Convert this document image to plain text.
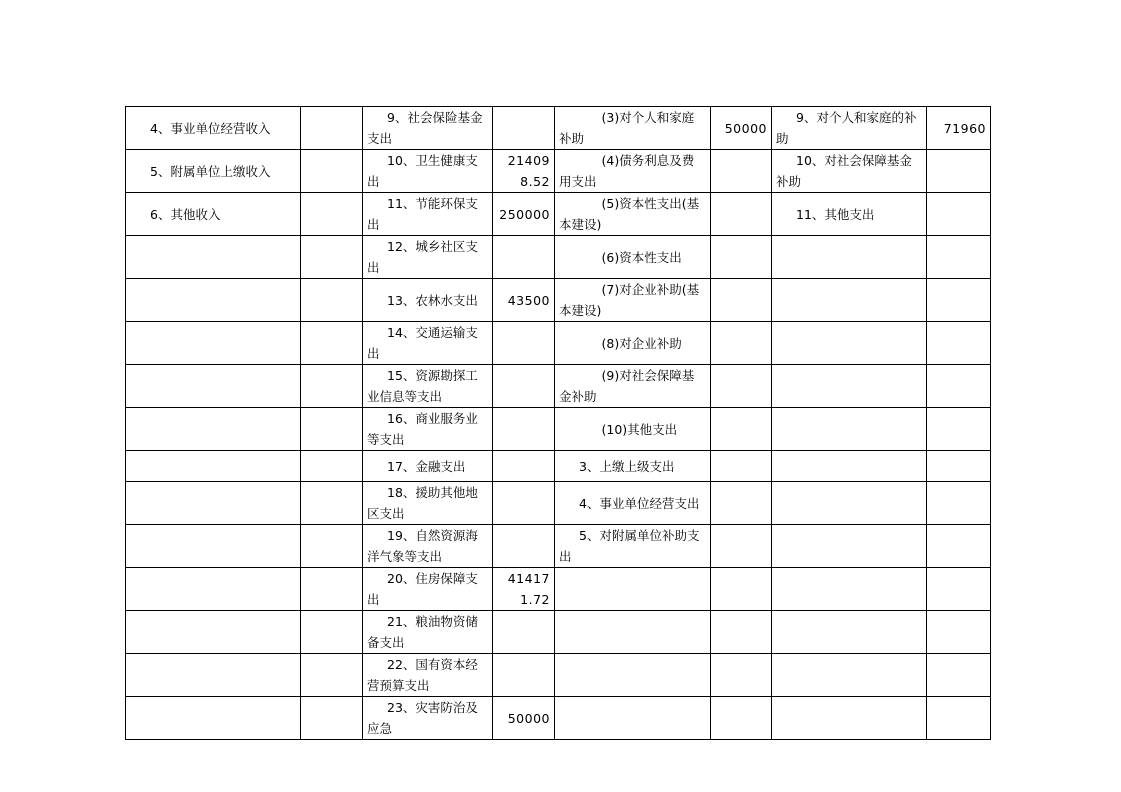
4、事业单位经营收入		9、社会保险基金支出		(3)对个人和家庭补助	50000	9、对个人和家庭的补助	71960
5、附属单位上缴收入		10、卫生健康支出	214098.52	(4)债务利息及费用支出		10、对社会保障基金补助	
6、其他收入		11、节能环保支出	250000	(5)资本性支出(基本建设)		11、其他支出	
		12、城乡社区支出		(6)资本性支出			
		13、农林水支出	43500	(7)对企业补助(基本建设)			
		14、交通运输支出		(8)对企业补助			
		15、资源勘探工业信息等支出		(9)对社会保障基金补助			
		16、商业服务业等支出		(10)其他支出			
		17、金融支出		3、上缴上级支出			
		18、援助其他地区支出		4、事业单位经营支出			
		19、自然资源海洋气象等支出		5、对附属单位补助支出			
		20、住房保障支出	414171.72				
		21、粮油物资储备支出					
		22、国有资本经营预算支出					
		23、灾害防治及应急	50000				
